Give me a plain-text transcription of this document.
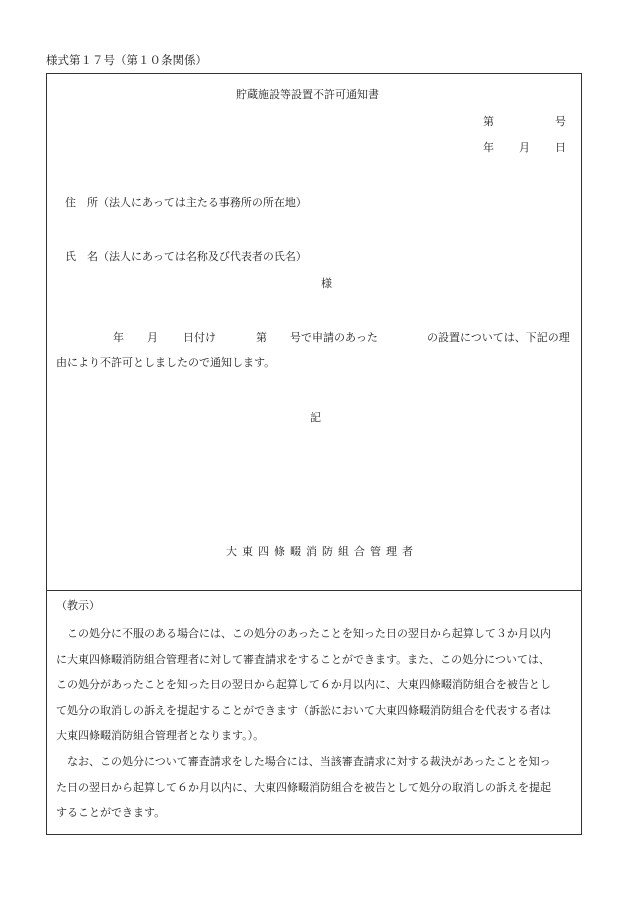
様式第１７号（第１０条関係）
貯蔵施設等設置不許可通知書
第	号
年 月 日
住　所（法人にあっては主たる事務所の所在地）
氏　名（法人にあっては名称及び代表者の氏名）
様
年 月 日付け	第 号で申請のあった	の設置については、下記の理
由により不許可としましたので通知します。
記
大東四條畷消防組合管理者
（教示）
　この処分に不服のある場合には、この処分のあったことを知った日の翌日から起算して３か月以内
に大東四條畷消防組合管理者に対して審査請求をすることができます。また、この処分については、
この処分があったことを知った日の翌日から起算して６か月以内に、大東四條畷消防組合を被告とし
て処分の取消しの訴えを提起することができます（訴訟において大東四條畷消防組合を代表する者は
大東四條畷消防組合管理者となります。）。
　なお、この処分について審査請求をした場合には、当該審査請求に対する裁決があったことを知っ
た日の翌日から起算して６か月以内に、大東四條畷消防組合を被告として処分の取消しの訴えを提起
することができます。
